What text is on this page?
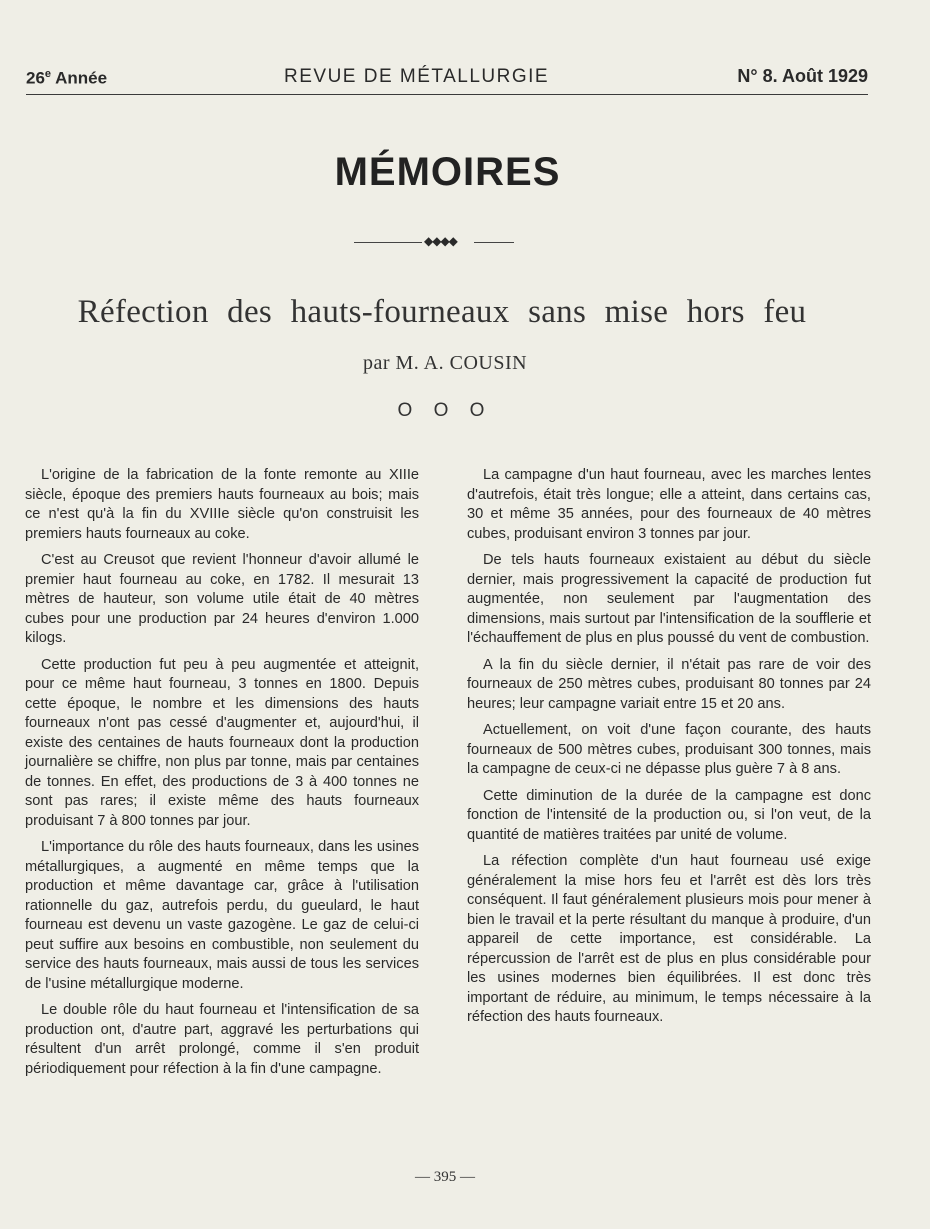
26e Année	REVUE DE MÉTALLURGIE	N° 8. Août 1929
MÉMOIRES
◆◆◆◆
Réfection des hauts-fourneaux sans mise hors feu
par M. A. COUSIN
O O O

L'origine de la fabrication de la fonte remonte au XIIIe siècle, époque des premiers hauts fourneaux au bois; mais ce n'est qu'à la fin du XVIIIe siècle qu'on construisit les premiers hauts fourneaux au coke.

C'est au Creusot que revient l'honneur d'avoir allumé le premier haut fourneau au coke, en 1782. Il mesurait 13 mètres de hauteur, son volume utile était de 40 mètres cubes pour une production par 24 heures d'environ 1.000 kilogs.

Cette production fut peu à peu augmentée et atteignit, pour ce même haut fourneau, 3 tonnes en 1800. Depuis cette époque, le nombre et les dimensions des hauts fourneaux n'ont pas cessé d'augmenter et, aujourd'hui, il existe des centaines de hauts fourneaux dont la production journalière se chiffre, non plus par tonne, mais par centaines de tonnes. En effet, des productions de 3 à 400 tonnes ne sont pas rares; il existe même des hauts fourneaux produisant 7 à 800 tonnes par jour.

L'importance du rôle des hauts fourneaux, dans les usines métallurgiques, a augmenté en même temps que la production et même davantage car, grâce à l'utilisation rationnelle du gaz, autrefois perdu, du gueulard, le haut fourneau est devenu un vaste gazogène. Le gaz de celui-ci peut suffire aux besoins en combustible, non seulement du service des hauts fourneaux, mais aussi de tous les services de l'usine métallurgique moderne.

Le double rôle du haut fourneau et l'intensification de sa production ont, d'autre part, aggravé les perturbations qui résultent d'un arrêt prolongé, comme il s'en produit périodiquement pour réfection à la fin d'une campagne.

La campagne d'un haut fourneau, avec les marches lentes d'autrefois, était très longue; elle a atteint, dans certains cas, 30 et même 35 années, pour des fourneaux de 40 mètres cubes, produisant environ 3 tonnes par jour.

De tels hauts fourneaux existaient au début du siècle dernier, mais progressivement la capacité de production fut augmentée, non seulement par l'augmentation des dimensions, mais surtout par l'intensification de la soufflerie et l'échauffement de plus en plus poussé du vent de combustion.

A la fin du siècle dernier, il n'était pas rare de voir des fourneaux de 250 mètres cubes, produisant 80 tonnes par 24 heures; leur campagne variait entre 15 et 20 ans.

Actuellement, on voit d'une façon courante, des hauts fourneaux de 500 mètres cubes, produisant 300 tonnes, mais la campagne de ceux-ci ne dépasse plus guère 7 à 8 ans.

Cette diminution de la durée de la campagne est donc fonction de l'intensité de la production ou, si l'on veut, de la quantité de matières traitées par unité de volume.

La réfection complète d'un haut fourneau usé exige généralement la mise hors feu et l'arrêt est dès lors très conséquent. Il faut généralement plusieurs mois pour mener à bien le travail et la perte résultant du manque à produire, d'un appareil de cette importance, est considérable. La répercussion de l'arrêt est de plus en plus considérable pour les usines modernes bien équilibrées. Il est donc très important de réduire, au minimum, le temps nécessaire à la réfection des hauts fourneaux.

— 395 —
